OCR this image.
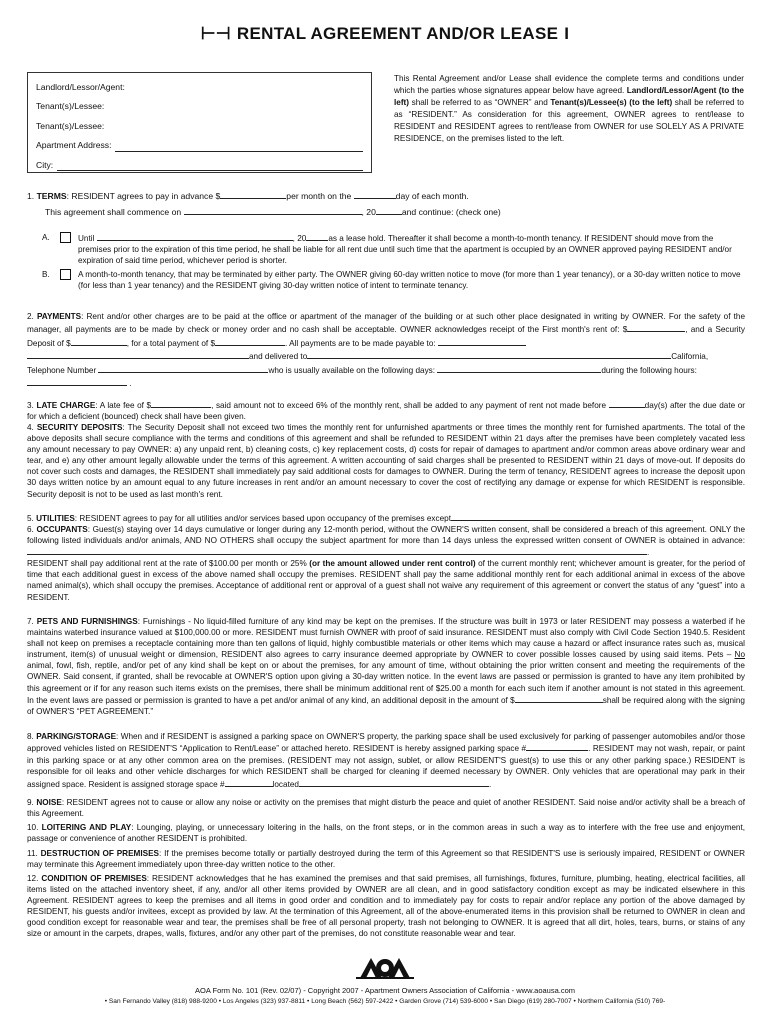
⊢⊣ RENTAL AGREEMENT AND/OR LEASE I
Landlord/Lessor/Agent:
Tenant(s)/Lessee:
Tenant(s)/Lessee:
Apartment Address:
City:
This Rental Agreement and/or Lease shall evidence the complete terms and conditions under which the parties whose signatures appear below have agreed. Landlord/Lessor/Agent (to the left) shall be referred to as “OWNER” and Tenant(s)/Lessee(s) (to the left) shall be referred to as “RESIDENT.” As consideration for this agreement, OWNER agrees to rent/lease to RESIDENT and RESIDENT agrees to rent/lease from OWNER for use SOLELY AS A PRIVATE RESIDENCE, on the premises listed to the left.
1. TERMS: RESIDENT agrees to pay in advance $	per month on the	day of each month.
This agreement shall commence on	, 20	and continue: (check one)
A.	Until	, 20	as a lease hold. Thereafter it shall become a month-to-month tenancy. If RESIDENT should move from the premises prior to the expiration of this time period, he shall be liable for all rent due until such time that the apartment is occupied by an OWNER approved paying RESIDENT and/or expiration of said time period, whichever period is shorter.
B.	A month-to-month tenancy, that may be terminated by either party. The OWNER giving 60-day written notice to move (for more than 1 year tenancy), or a 30-day written notice to move (for less than 1 year tenancy) and the RESIDENT giving 30-day written notice of intent to terminate tenancy.
2. PAYMENTS: Rent and/or other charges are to be paid at the office or apartment of the manager of the building or at such other place designated in writing by OWNER. For the safety of the manager, all payments are to be made by check or money order and no cash shall be acceptable. OWNER acknowledges receipt of the First month's rent of: $	, and a Security Deposit of $	, for a total payment of $	. All payments are to be made payable to:
and delivered to	California,
Telephone Number	who is usually available on the following days:	during the following hours:
.
3. LATE CHARGE: A late fee of $	, said amount not to exceed 6% of the monthly rent, shall be added to any payment of rent not made before	day(s) after the due date or for which a deficient (bounced) check shall have been given.
4. SECURITY DEPOSITS: The Security Deposit shall not exceed two times the monthly rent for unfurnished apartments or three times the monthly rent for furnished apartments. The total of the above deposits shall secure compliance with the terms and conditions of this agreement and shall be refunded to RESIDENT within 21 days after the premises have been completely vacated less any amount necessary to pay OWNER: a) any unpaid rent, b) cleaning costs, c) key replacement costs, d) costs for repair of damages to apartment and/or common areas above ordinary wear and tear, and e) any other amount legally allowable under the terms of this agreement. A written accounting of said charges shall be presented to RESIDENT within 21 days of move-out. If deposits do not cover such costs and damages, the RESIDENT shall immediately pay said additional costs for damages to OWNER. During the term of tenancy, RESIDENT agrees to increase the deposit upon 30 days written notice by an amount equal to any future increases in rent and/or an amount necessary to cover the cost of rectifying any damage or expense for which RESIDENT is responsible. Security deposit is not to be used as last month's rent.
5. UTILITIES: RESIDENT agrees to pay for all utilities and/or services based upon occupancy of the premises except	,
6. OCCUPANTS: Guest(s) staying over 14 days cumulative or longer during any 12-month period, without the OWNER'S written consent, shall be considered a breach of this agreement. ONLY the following listed individuals and/or animals, AND NO OTHERS shall occupy the subject apartment for more than 14 days unless the expressed written consent of OWNER is obtained in advance: .
RESIDENT shall pay additional rent at the rate of $100.00 per month or 25% (or the amount allowed under rent control) of the current monthly rent; whichever amount is greater, for the period of time that each additional guest in excess of the above named shall occupy the premises. RESIDENT shall pay the same additional monthly rent for each additional animal in excess of the above named animal(s), which shall occupy the premises. Acceptance of additional rent or approval of a guest shall not waive any requirement of this agreement or convert the status of any “guest” into a RESIDENT.
7. PETS AND FURNISHINGS: Furnishings - No liquid-filled furniture of any kind may be kept on the premises. If the structure was built in 1973 or later RESIDENT may possess a waterbed if he maintains waterbed insurance valued at $100,000.00 or more. RESIDENT must furnish OWNER with proof of said insurance. RESIDENT must also comply with Civil Code Section 1940.5. Resident shall not keep on premises a receptacle containing more than ten gallons of liquid, highly combustible materials or other items which may cause a hazard or affect insurance rates such as, musical instrument, item(s) of unusual weight or dimension, RESIDENT also agrees to carry insurance deemed appropriate by OWNER to cover possible losses caused by using said items. Pets – No animal, fowl, fish, reptile, and/or pet of any kind shall be kept on or about the premises, for any amount of time, without obtaining the prior written consent and meeting the requirements of the OWNER. Said consent, if granted, shall be revocable at OWNER'S option upon giving a 30-day written notice. In the event laws are passed or permission is granted to have any item prohibited by this agreement or if for any reason such items exists on the premises, there shall be minimum additional rent of $25.00 a month for each such item if another amount is not stated in this agreement. In the event laws are passed or permission is granted to have a pet and/or animal of any kind, an additional deposit in the amount of $	shall be required along with the signing of OWNER'S “PET AGREEMENT.”
8. PARKING/STORAGE: When and if RESIDENT is assigned a parking space on OWNER'S property, the parking space shall be used exclusively for parking of passenger automobiles and/or those approved vehicles listed on RESIDENT'S “Application to Rent/Lease” or attached hereto. RESIDENT is hereby assigned parking space #	. RESIDENT may not wash, repair, or paint in this parking space or at any other common area on the premises. (RESIDENT may not assign, sublet, or allow RESIDENT'S guest(s) to use this or any other parking space.) RESIDENT is responsible for oil leaks and other vehicle discharges for which RESIDENT shall be charged for cleaning if deemed necessary by OWNER. Only vehicles that are operational may park in their assigned space. Resident is assigned storage space #	located	.
9. NOISE: RESIDENT agrees not to cause or allow any noise or activity on the premises that might disturb the peace and quiet of another RESIDENT. Said noise and/or activity shall be a breach of this Agreement.
10. LOITERING AND PLAY: Lounging, playing, or unnecessary loitering in the halls, on the front steps, or in the common areas in such a way as to interfere with the free use and enjoyment, passage or convenience of another RESIDENT is prohibited.
11. DESTRUCTION OF PREMISES: If the premises become totally or partially destroyed during the term of this Agreement so that RESIDENT'S use is seriously impaired, RESIDENT or OWNER may terminate this Agreement immediately upon three-day written notice to the other.
12. CONDITION OF PREMISES: RESIDENT acknowledges that he has examined the premises and that said premises, all furnishings, fixtures, furniture, plumbing, heating, electrical facilities, all items listed on the attached inventory sheet, if any, and/or all other items provided by OWNER are all clean, and in good satisfactory condition except as may be indicated elsewhere in this Agreement. RESIDENT agrees to keep the premises and all items in good order and condition and to immediately pay for costs to repair and/or replace any portion of the above damaged by RESIDENT, his guests and/or invitees, except as provided by law. At the termination of this Agreement, all of the above-enumerated items in this provision shall be returned to OWNER in clean and good condition except for reasonable wear and tear, the premises shall be free of all personal property, trash not belonging to OWNER. It is agreed that all dirt, holes, tears, burns, or stains of any size or amount in the carpets, drapes, walls, fixtures, and/or any other part of the premises, do not constitute reasonable wear and tear.
AOA Form No. 101 (Rev. 02/07) - Copyright 2007 - Apartment Owners Association of California - www.aoausa.com
• San Fernando Valley (818) 988-9200 • Los Angeles (323) 937-8811 • Long Beach (562) 597-2422 • Garden Grove (714) 539-6000 • San Diego (619) 280-7007 • Northern California (510) 769-
